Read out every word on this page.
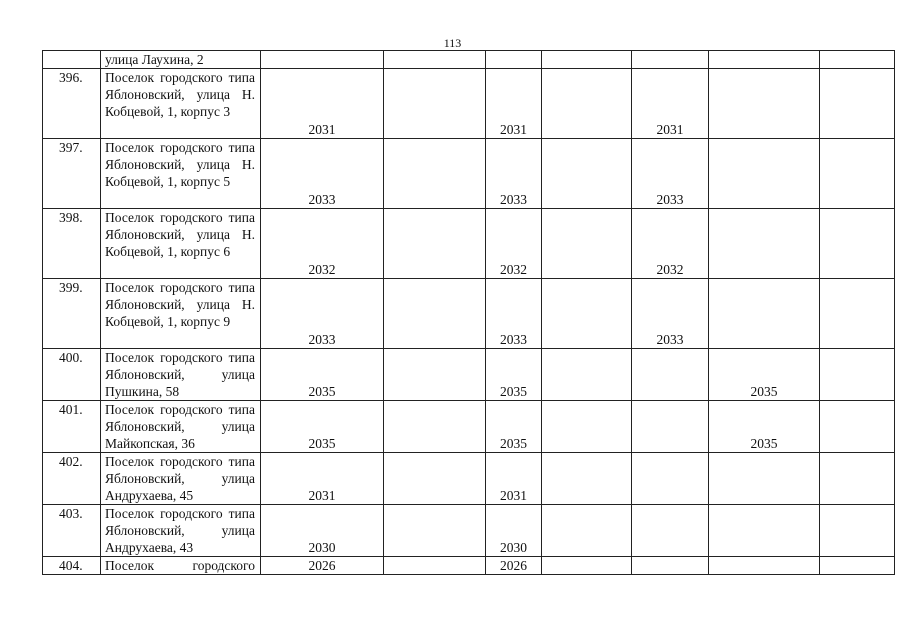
113
	улица Лаухина, 2							
396.	Поселок городского типа Яблоновский, улица Н. Кобцевой, 1, корпус 3	2031		2031		2031		
397.	Поселок городского типа Яблоновский, улица Н. Кобцевой, 1, корпус 5	2033		2033		2033		
398.	Поселок городского типа Яблоновский, улица Н. Кобцевой, 1, корпус 6	2032		2032		2032		
399.	Поселок городского типа Яблоновский, улица Н. Кобцевой, 1, корпус 9	2033		2033		2033		
400.	Поселок городского типа Яблоновский, улица Пушкина, 58	2035		2035			2035	
401.	Поселок городского типа Яблоновский, улица Майкопская, 36	2035		2035			2035	
402.	Поселок городского типа Яблоновский, улица Андрухаева, 45	2031		2031				
403.	Поселок городского типа Яблоновский, улица Андрухаева, 43	2030		2030				
404.	Поселок городского	2026		2026				
